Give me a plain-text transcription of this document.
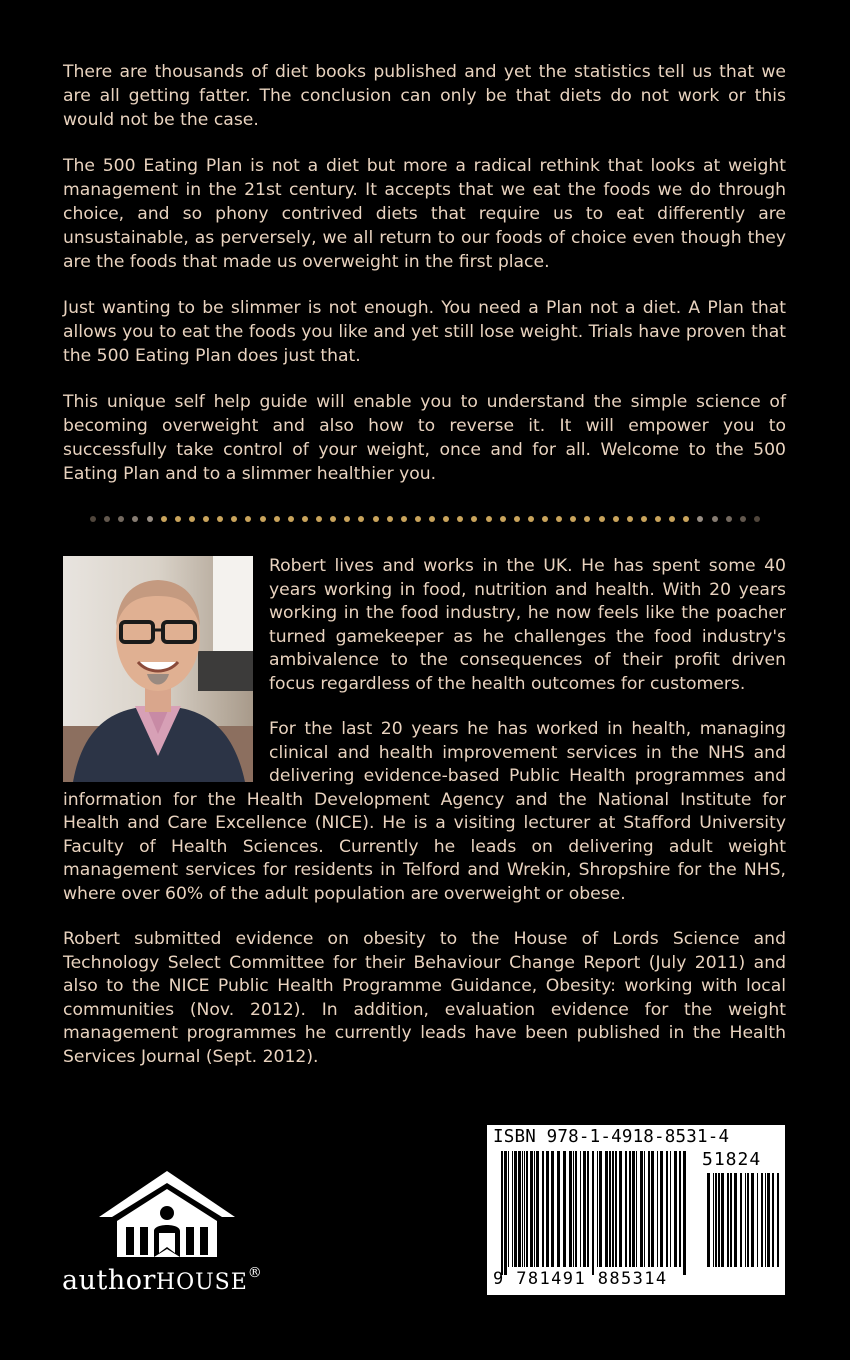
There are thousands of diet books published and yet the statistics tell us that we are all getting fatter. The conclusion can only be that diets do not work or this would not be the case.

The 500 Eating Plan is not a diet but more a radical rethink that looks at weight management in the 21st century. It accepts that we eat the foods we do through choice, and so phony contrived diets that require us to eat differently are unsustainable, as perversely, we all return to our foods of choice even though they are the foods that made us overweight in the first place.

Just wanting to be slimmer is not enough. You need a Plan not a diet. A Plan that allows you to eat the foods you like and yet still lose weight. Trials have proven that the 500 Eating Plan does just that.

This unique self help guide will enable you to understand the simple science of becoming overweight and also how to reverse it. It will empower you to successfully take control of your weight, once and for all. Welcome to the 500 Eating Plan and to a slimmer healthier you.

Robert lives and works in the UK. He has spent some 40 years working in food, nutrition and health. With 20 years working in the food industry, he now feels like the poacher turned gamekeeper as he challenges the food industry's ambivalence to the consequences of their profit driven focus regardless of the health outcomes for customers.

For the last 20 years he has worked in health, managing clinical and health improvement services in the NHS and delivering evidence-based Public Health programmes and information for the Health Development Agency and the National Institute for Health and Care Excellence (NICE). He is a visiting lecturer at Stafford University Faculty of Health Sciences. Currently he leads on delivering adult weight management services for residents in Telford and Wrekin, Shropshire for the NHS, where over 60% of the adult population are overweight or obese.

Robert submitted evidence on obesity to the House of Lords Science and Technology Select Committee for their Behaviour Change Report (July 2011) and also to the NICE Public Health Programme Guidance, Obesity: working with local communities (Nov. 2012). In addition, evaluation evidence for the weight management programmes he currently leads have been published in the Health Services Journal (Sept. 2012).

authorHOUSE®
ISBN 978-1-4918-8531-4
51824
9 781491 885314
